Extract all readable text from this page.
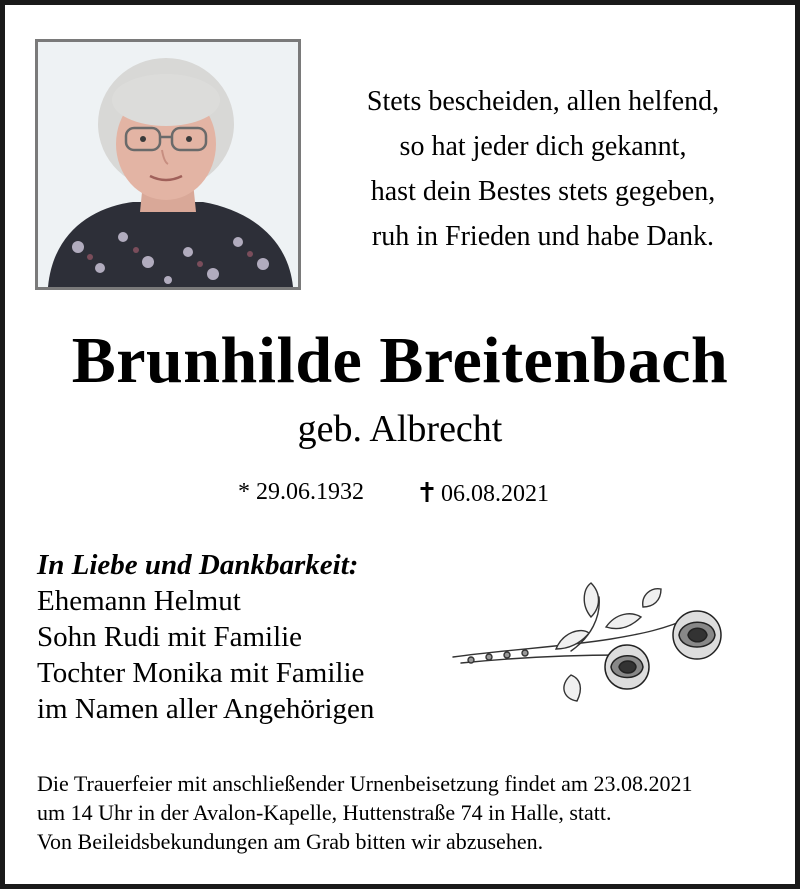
Stets bescheiden, allen helfend,
so hat jeder dich gekannt,
hast dein Bestes stets gegeben,
ruh in Frieden und habe Dank.
Brunhilde Breitenbach
geb. Albrecht
* 29.06.1932	06.08.2021
In Liebe und Dankbarkeit:
Ehemann Helmut
Sohn Rudi mit Familie
Tochter Monika mit Familie
im Namen aller Angehörigen
Die Trauerfeier mit anschließender Urnenbeisetzung findet am 23.08.2021
um 14 Uhr in der Avalon-Kapelle, Huttenstraße 74 in Halle, statt.
Von Beileidsbekundungen am Grab bitten wir abzusehen.
